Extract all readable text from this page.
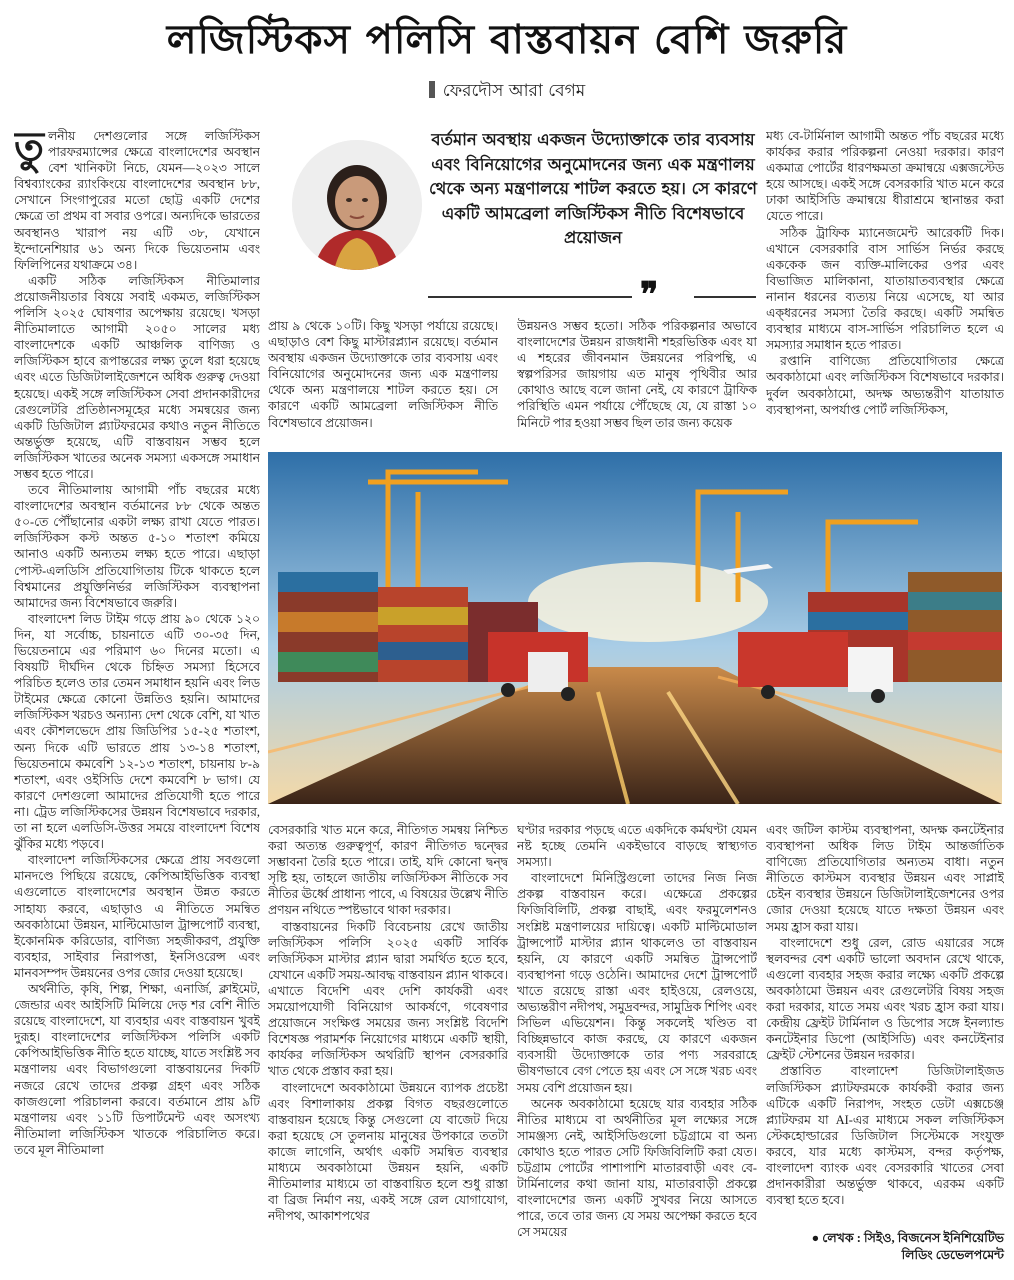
লজিস্টিকস পলিসি বাস্তবায়ন বেশি জরুরি
ফেরদৌস আরা বেগম

তুলনীয় দেশগুলোর সঙ্গে লজিস্টিকস পারফরম্যান্সের ক্ষেত্রে বাংলাদেশের অবস্থান বেশ খানিকটা নিচে, যেমন—২০২৩ সালে বিশ্বব্যাংকের র‍্যাংকিংয়ে বাংলাদেশের অবস্থান ৮৮, সেখানে সিংগাপুরের মতো ছোট্ট একটি দেশের ক্ষেত্রে তা প্রথম বা সবার ওপরে। অন্যদিকে ভারতের অবস্থানও খারাপ নয় এটি ৩৮, যেখানে ইন্দোনেশিয়ার ৬১ অন্য দিকে ভিয়েতনাম এবং ফিলিপিনের যথাক্রমে ৩৪।

একটি সঠিক লজিস্টিকস নীতিমালার প্রয়োজনীয়তার বিষয়ে সবাই একমত, লজিস্টিকস পলিসি ২০২৫ ঘোষণার অপেক্ষায় রয়েছে। খসড়া নীতিমালাতে আগামী ২০৫০ সালের মধ্য বাংলাদেশকে একটি আঞ্চলিক বাণিজ্য ও লজিস্টিকস হাবে রূপান্তরের লক্ষ্য তুলে ধরা হয়েছে এবং এতে ডিজিটালাইজেশনে অধিক গুরুত্ব দেওয়া হয়েছে। একই সঙ্গে লজিস্টিকস সেবা প্রদানকারীদের রেগুলেটরি প্রতিষ্ঠানসমূহের মধ্যে সমন্বয়ের জন্য একটি ডিজিটাল প্ল্যাটফরমের কথাও নতুন নীতিতে অন্তর্ভুক্ত হয়েছে, এটি বাস্তবায়ন সম্ভব হলে লজিস্টিকস খাতের অনেক সমস্যা একসঙ্গে সমাধান সম্ভব হতে পারে।

তবে নীতিমালায় আগামী পাঁচ বছরের মধ্যে বাংলাদেশের অবস্থান বর্তমানের ৮৮ থেকে অন্তত ৫০-তে পৌঁছানোর একটা লক্ষ্য রাখা যেতে পারত। লজিস্টিকস কস্ট অন্তত ৫-১০ শতাংশ কমিয়ে আনাও একটি অন্যতম লক্ষ্য হতে পারে। এছাড়া পোস্ট-এলডিসি প্রতিযোগিতায় টিকে থাকতে হলে বিশ্বমানের প্রযুক্তিনির্ভর লজিস্টিকস ব্যবস্থাপনা আমাদের জন্য বিশেষভাবে জরুরি।

বাংলাদেশ লিড টাইম গড়ে প্রায় ৯০ থেকে ১২০ দিন, যা সর্বোচ্চ, চায়নাতে এটি ৩০-৩৫ দিন, ভিয়েতনামে এর পরিমাণ ৬০ দিনের মতো। এ বিষয়টি দীর্ঘদিন থেকে চিহ্নিত সমস্যা হিসেবে পরিচিত হলেও তার তেমন সমাধান হয়নি এবং লিড টাইমের ক্ষেত্রে কোনো উন্নতিও হয়নি। আমাদের লজিস্টিকস খরচও অন্যান্য দেশ থেকে বেশি, যা খাত এবং কৌশলভেদে প্রায় জিডিপির ১৫-২৫ শতাংশ, অন্য দিকে এটি ভারতে প্রায় ১৩-১৪ শতাংশ, ভিয়েতনামে কমবেশি ১২-১৩ শতাংশ, চায়নায় ৮-৯ শতাংশ, এবং ওইসিডি দেশে কমবেশি ৮ ভাগ। যে কারণে দেশগুলো আমাদের প্রতিযোগী হতে পারে না। ট্রেড লজিস্টিকসের উন্নয়ন বিশেষভাবে দরকার, তা না হলে এলডিসি-উত্তর সময়ে বাংলাদেশ বিশেষ ঝুঁকির মধ্যে পড়বে।

বাংলাদেশ লজিস্টিকসের ক্ষেত্রে প্রায় সবগুলো মানদণ্ডে পিছিয়ে রয়েছে, কেপিআইভিত্তিক ব্যবস্থা এগুলোতে বাংলাদেশের অবস্থান উন্নত করতে সাহায্য করবে, এছাড়াও এ নীতিতে সমন্বিত অবকাঠামো উন্নয়ন, মাল্টিমোডাল ট্রান্সপোর্ট ব্যবস্থা, ইকোনমিক করিডোর, বাণিজ্য সহজীকরণ, প্রযুক্তি ব্যবহার, সাইবার নিরাপত্তা, ইনসিওরেন্স এবং মানবসম্পদ উন্নয়নের ওপর জোর দেওয়া হয়েছে।

অর্থনীতি, কৃষি, শিল্প, শিক্ষা, এনার্জি, ক্লাইমেট, জেন্ডার এবং আইসিটি মিলিয়ে দেড় শর বেশি নীতি রয়েছে বাংলাদেশে, যা ব্যবহার এবং বাস্তবায়ন খুবই দুরূহ। বাংলাদেশের লজিস্টিকস পলিসি একটি কেপিআইভিত্তিক নীতি হতে যাচ্ছে, যাতে সংশ্লিষ্ট সব মন্ত্রণালয় এবং বিভাগগুলো বাস্তবায়নের দিকটি নজরে রেখে তাদের প্রকল্প গ্রহণ এবং সঠিক কাজগুলো পরিচালনা করবে। বর্তমানে প্রায় ৯টি মন্ত্রণালয় এবং ১১টি ডিপার্টমেন্ট এবং অসংখ্য নীতিমালা লজিস্টিকস খাতকে পরিচালিত করে। তবে মূল নীতিমালা

বর্তমান অবস্থায় একজন উদ্যোক্তাকে তার ব্যবসায় এবং বিনিয়োগের অনুমোদনের জন্য এক মন্ত্রণালয় থেকে অন্য মন্ত্রণালয়ে শাটল করতে হয়। সে কারণে একটি আমব্রেলা লজিস্টিকস নীতি বিশেষভাবে প্রয়োজন
❞

প্রায় ৯ থেকে ১০টি। কিছু খসড়া পর্যায়ে রয়েছে। এছাড়াও বেশ কিছু মাস্টারপ্ল্যান রয়েছে। বর্তমান অবস্থায় একজন উদ্যোক্তাকে তার ব্যবসায় এবং বিনিয়োগের অনুমোদনের জন্য এক মন্ত্রণালয় থেকে অন্য মন্ত্রণালয়ে শাটল করতে হয়। সে কারণে একটি আমব্রেলা লজিস্টিকস নীতি বিশেষভাবে প্রয়োজন।

উন্নয়নও সম্ভব হতো। সঠিক পরিকল্পনার অভাবে বাংলাদেশের উন্নয়ন রাজধানী শহরভিত্তিক এবং যা এ শহরের জীবনমান উন্নয়নের পরিপন্থি, এ স্বল্পপরিসর জায়গায় এত মানুষ পৃথিবীর আর কোথাও আছে বলে জানা নেই, যে কারণে ট্রাফিক পরিস্থিতি এমন পর্যায়ে পৌঁছেছে যে, যে রাস্তা ১০ মিনিটে পার হওয়া সম্ভব ছিল তার জন্য কয়েক

মধ্য বে-টার্মিনাল আগামী অন্তত পাঁচ বছরের মধ্যে কার্যকর করার পরিকল্পনা নেওয়া দরকার। কারণ একমাত্র পোর্টের ধারণক্ষমতা ক্রমান্বয়ে এক্সজস্টেড হয়ে আসছে। একই সঙ্গে বেসরকারি খাত মনে করে ঢাকা আইসিডি ক্রমান্বয়ে ধীরাশ্রমে স্থানান্তর করা যেতে পারে।

সঠিক ট্রাফিক ম্যানেজমেন্ট আরেকটি দিক। এখানে বেসরকারি বাস সার্ভিস নির্ভর করছে এককেক জন ব্যক্তি-মালিকের ওপর এবং বিভাজিত মালিকানা, যাতায়াতব্যবস্থার ক্ষেত্রে নানান ধরনের ব্যত্যয় নিয়ে এসেছে, যা আর এক্ধরনের সমস্যা তৈরি করছে। একটি সমন্বিত ব্যবস্থার মাধ্যমে বাস-সার্ভিস পরিচালিত হলে এ সমস্যার সমাধান হতে পারত।

রপ্তানি বাণিজ্যে প্রতিযোগিতার ক্ষেত্রে অবকাঠামো এবং লজিস্টিকস বিশেষভাবে দরকার। দুর্বল অবকাঠামো, অদক্ষ অভ্যন্তরীণ যাতায়াত ব্যবস্থাপনা, অপর্যাপ্ত পোর্ট লজিস্টিকস,

বেসরকারি খাত মনে করে, নীতিগত সমন্বয় নিশ্চিত করা অত্যন্ত গুরুত্বপূর্ণ, কারণ নীতিগত দ্বন্দ্বের সম্ভাবনা তৈরি হতে পারে। তাই, যদি কোনো দ্বন্দ্ব সৃষ্টি হয়, তাহলে জাতীয় লজিস্টিকস নীতিকে সব নীতির ঊর্ধ্বে প্রাধান্য পাবে, এ বিষয়ের উল্লেখ নীতি প্রণয়ন নথিতে স্পষ্টভাবে থাকা দরকার।

বাস্তবায়নের দিকটি বিবেচনায় রেখে জাতীয় লজিস্টিকস পলিসি ২০২৫ একটি সার্বিক লজিস্টিকস মাস্টার প্ল্যান দ্বারা সমর্থিত হতে হবে, যেখানে একটি সময়-আবদ্ধ বাস্তবায়ন প্ল্যান থাকবে। এখাতে বিদেশি এবং দেশি কার্যকরী এবং সময়োপযোগী বিনিয়োগ আকর্ষণে, গবেষণার প্রয়োজনে সংক্ষিপ্ত সময়ের জন্য সংশ্লিষ্ট বিদেশি বিশেষজ্ঞ পরামর্শক নিয়োগের মাধ্যমে একটি স্থায়ী, কার্যকর লজিস্টিকস অথরিটি স্থাপন বেসরকারি খাত থেকে প্রস্তাব করা হয়।

বাংলাদেশে অবকাঠামো উন্নয়নে ব্যাপক প্রচেষ্টা এবং বিশালাকায় প্রকল্প বিগত বছরগুলোতে বাস্তবায়ন হয়েছে কিন্তু সেগুলো যে বাজেট দিয়ে করা হয়েছে সে তুলনায় মানুষের উপকারে ততটা কাজে লাগেনি, অর্থাৎ একটি সমন্বিত ব্যবস্থার মাধ্যমে অবকাঠামো উন্নয়ন হয়নি, একটি নীতিমালার মাধ্যমে তা বাস্তবায়িত হলে শুধু রাস্তা বা ব্রিজ নির্মাণ নয়, একই সঙ্গে রেল যোগাযোগ, নদীপথ, আকাশপথের

ঘণ্টার দরকার পড়ছে এতে একদিকে কর্মঘণ্টা যেমন নষ্ট হচ্ছে তেমনি একইভাবে বাড়ছে স্বাস্থ্যগত সমস্যা।

বাংলাদেশে মিনিস্ট্রিগুলো তাদের নিজ নিজ প্রকল্প বাস্তবায়ন করে। এক্ষেত্রে প্রকল্পের ফিজিবিলিটি, প্রকল্প বাছাই, এবং ফরমুলেশনও সংশ্লিষ্ট মন্ত্রণালয়ের দায়িত্বে। একটি মাল্টিমোডাল ট্রান্সপোর্ট মাস্টার প্ল্যান থাকলেও তা বাস্তবায়ন হয়নি, যে কারণে একটি সমন্বিত ট্রান্সপোর্ট ব্যবস্থাপনা গড়ে ওঠেনি। আমাদের দেশে ট্রান্সপোর্ট খাতে রয়েছে রাস্তা এবং হাইওয়ে, রেলওয়ে, অভ্যন্তরীণ নদীপথ, সমুদ্রবন্দর, সামুদ্রিক শিপিং এবং সিভিল এভিয়েশন। কিন্তু সকলেই খণ্ডিত বা বিচ্ছিন্নভাবে কাজ করছে, যে কারণে একজন ব্যবসায়ী উদ্যোক্তাকে তার পণ্য সরবরাহে ভীষণভাবে বেগ পেতে হয় এবং সে সঙ্গে খরচ এবং সময় বেশি প্রয়োজন হয়।

অনেক অবকাঠামো হয়েছে যার ব্যবহার সঠিক নীতির মাধ্যমে বা অর্থনীতির মূল লক্ষ্যের সঙ্গে সামঞ্জস্য নেই, আইসিডিগুলো চট্টগ্রামে বা অন্য কোথাও হতে পারত সেটি ফিজিবিলিটি করা যেত। চট্টগ্রাম পোর্টের পাশাপাশি মাতারবাড়ী এবং বে-টার্মিনালের কথা জানা যায়, মাতারবাড়ী প্রকল্পে বাংলাদেশের জন্য একটি সুখবর নিয়ে আসতে পারে, তবে তার জন্য যে সময় অপেক্ষা করতে হবে সে সময়ের

এবং জটিল কাস্টম ব্যবস্থাপনা, অদক্ষ কনটেইনার ব্যবস্থাপনা অধিক লিড টাইম আন্তর্জাতিক বাণিজ্যে প্রতিযোগিতার অন্যতম বাধা। নতুন নীতিতে কাস্টমস ব্যবস্থার উন্নয়ন এবং সাপ্লাই চেইন ব্যবস্থার উন্নয়নে ডিজিটালাইজেশনের ওপর জোর দেওয়া হয়েছে যাতে দক্ষতা উন্নয়ন এবং সময় হ্রাস করা যায়।

বাংলাদেশে শুধু রেল, রোড এয়ারের সঙ্গে স্থলবন্দর বেশ একটি ভালো অবদান রেখে থাকে, এগুলো ব্যবহার সহজ করার লক্ষ্যে একটি প্রকল্পে অবকাঠামো উন্নয়ন এবং রেগুলেটরি বিষয় সহজ করা দরকার, যাতে সময় এবং খরচ হ্রাস করা যায়। কেন্দ্রীয় ফ্রেইট টার্মিনাল ও ডিপোর সঙ্গে ইনল্যান্ড কনটেইনার ডিপো (আইসিডি) এবং কনটেইনার ফ্রেইট স্টেশনের উন্নয়ন দরকার।

প্রস্তাবিত বাংলাদেশ ডিজিটালাইজড লজিস্টিকস প্ল্যাটফরমকে কার্যকরী করার জন্য এটিকে একটি নিরাপদ, সংহত ডেটা এক্সচেঞ্জ প্ল্যাটফরম যা AI-এর মাধ্যমে সকল লজিস্টিকস স্টেকহোল্ডারের ডিজিটাল সিস্টেমকে সংযুক্ত করবে, যার মধ্যে কাস্টমস, বন্দর কর্তৃপক্ষ, বাংলাদেশ ব্যাংক এবং বেসরকারি খাতের সেবা প্রদানকারীরা অন্তর্ভুক্ত থাকবে, এরকম একটি ব্যবস্থা হতে হবে।

● লেখক : সিইও, বিজনেস ইনিশিয়েটিভ লিডিং ডেভেলপমেন্ট
